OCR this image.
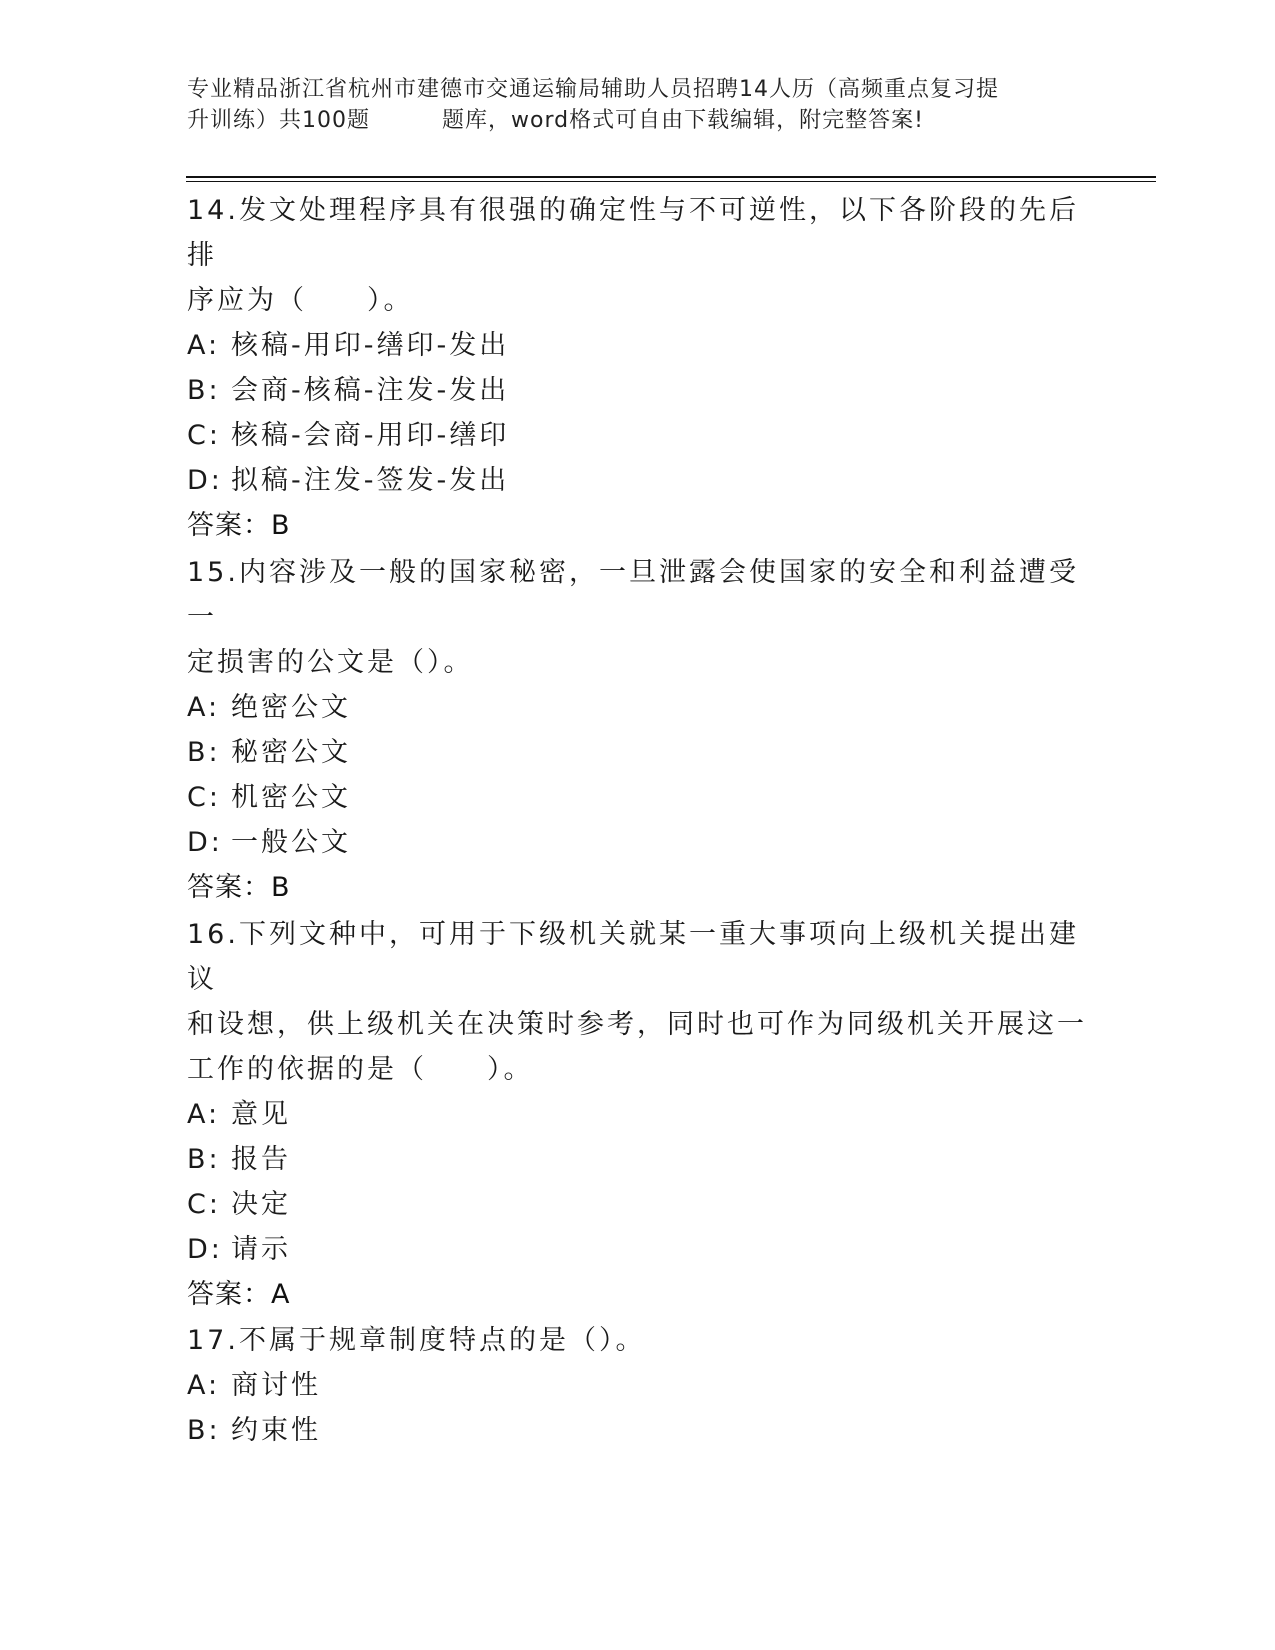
专业精品浙江省杭州市建德市交通运输局辅助人员招聘14人历（高频重点复习提
升训练）共100题	题库，word格式可自由下载编辑，附完整答案!
14.发文处理程序具有很强的确定性与不可逆性，以下各阶段的先后排
序应为（　　）。
A: 核稿-用印-缮印-发出
B: 会商-核稿-注发-发出
C: 核稿-会商-用印-缮印
D: 拟稿-注发-签发-发出
答案：B
15.内容涉及一般的国家秘密，一旦泄露会使国家的安全和利益遭受一
定损害的公文是（）。
A: 绝密公文
B: 秘密公文
C: 机密公文
D: 一般公文
答案：B
16.下列文种中，可用于下级机关就某一重大事项向上级机关提出建议
和设想，供上级机关在决策时参考，同时也可作为同级机关开展这一
工作的依据的是（　　）。
A: 意见
B: 报告
C: 决定
D: 请示
答案：A
17.不属于规章制度特点的是（）。
A: 商讨性
B: 约束性
